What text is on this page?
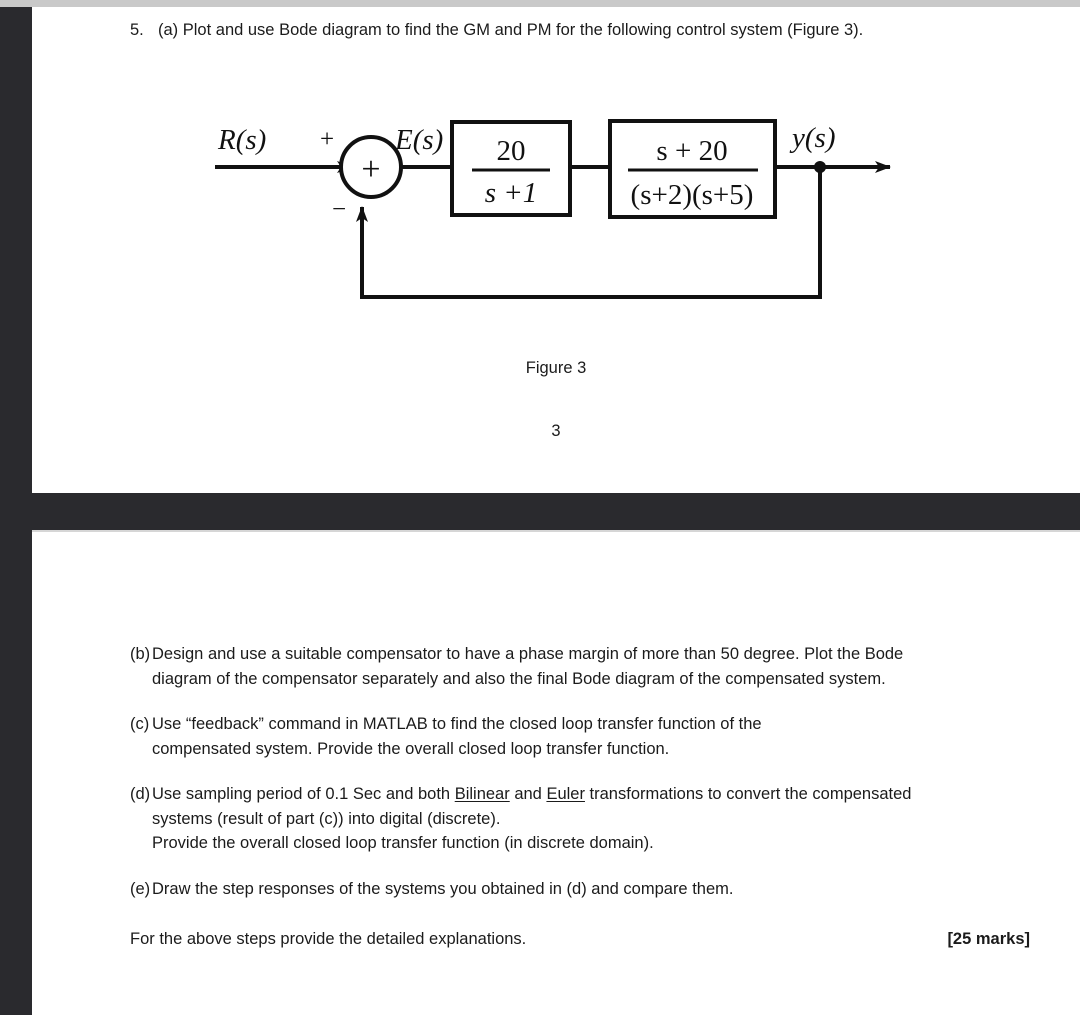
5. (a) Plot and use Bode diagram to find the GM and PM for the following control system (Figure 3).
R(s) +
+
−
E(s) 20
s +1
s + 20
(s+2)(s+5)
y(s)
Figure 3
3
(b) Design and use a suitable compensator to have a phase margin of more than 50 degree. Plot the Bode
diagram of the compensator separately and also the final Bode diagram of the compensated system.
(c) Use “feedback” command in MATLAB to find the closed loop transfer function of the
compensated system. Provide the overall closed loop transfer function.
(d) Use sampling period of 0.1 Sec and both Bilinear and Euler transformations to convert the compensated
systems (result of part (c)) into digital (discrete).
Provide the overall closed loop transfer function (in discrete domain).
(e) Draw the step responses of the systems you obtained in (d) and compare them.
For the above steps provide the detailed explanations.	[25 marks]
